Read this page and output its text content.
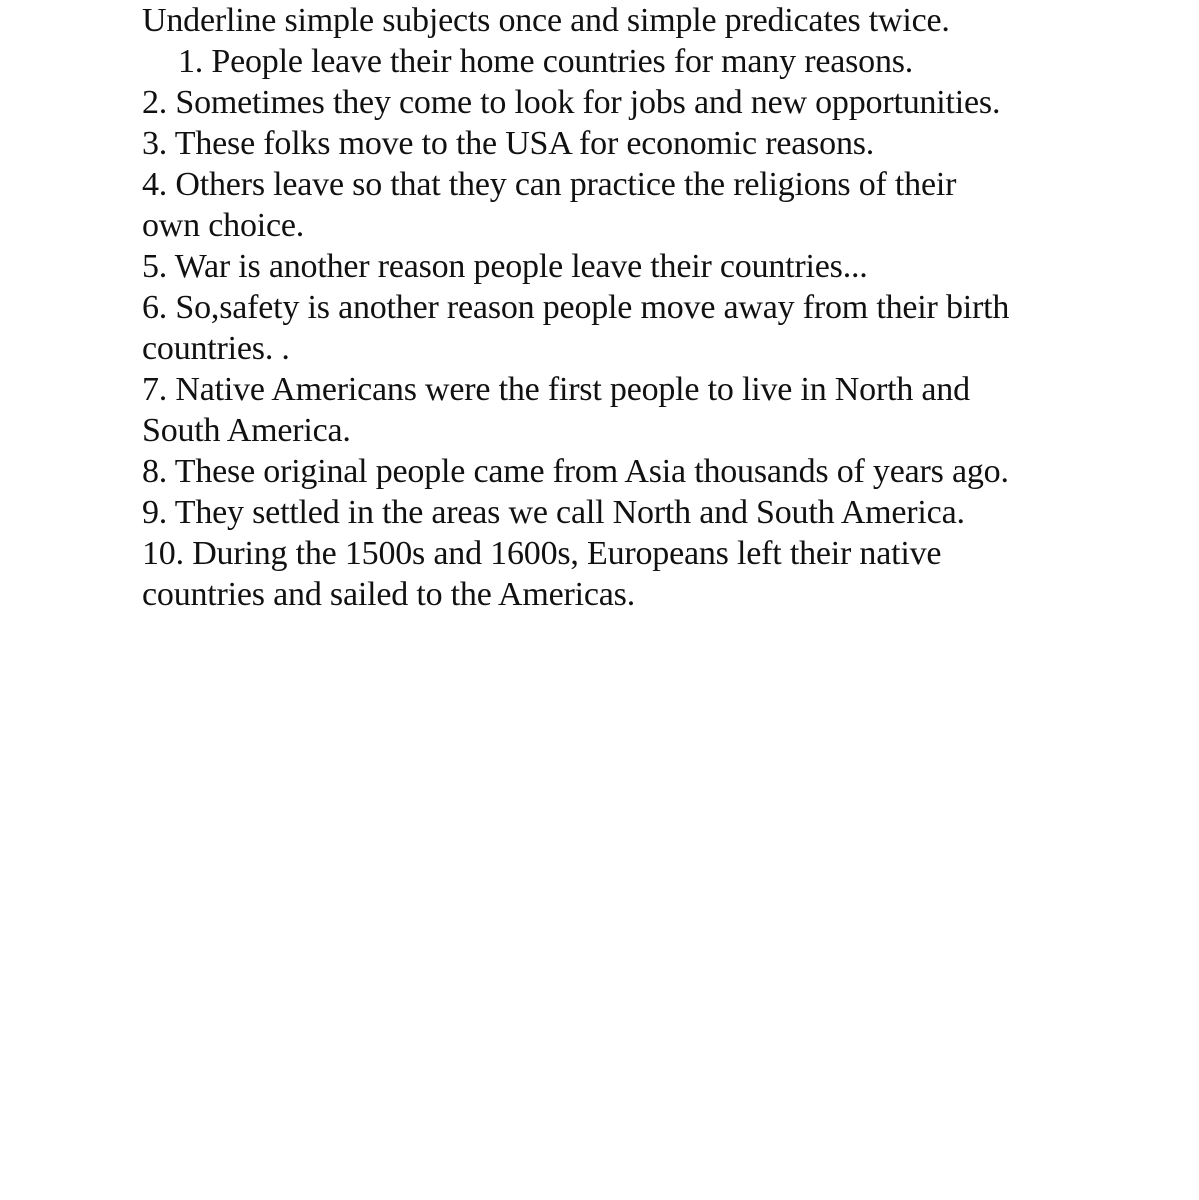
Underline simple subjects once and simple predicates twice.
1. People leave their home countries for many reasons.
2. Sometimes they come to look for jobs and new opportunities.
3. These folks move to the USA for economic reasons.
4. Others leave so that they can practice the religions of their
own choice.
5. War is another reason people leave their countries...
6. So,safety is another reason people move away from their birth
countries. .
7. Native Americans were the first people to live in North and
South America.
8. These original people came from Asia thousands of years ago.
9. They settled in the areas we call North and South America.
10. During the 1500s and 1600s, Europeans left their native
countries and sailed to the Americas.
